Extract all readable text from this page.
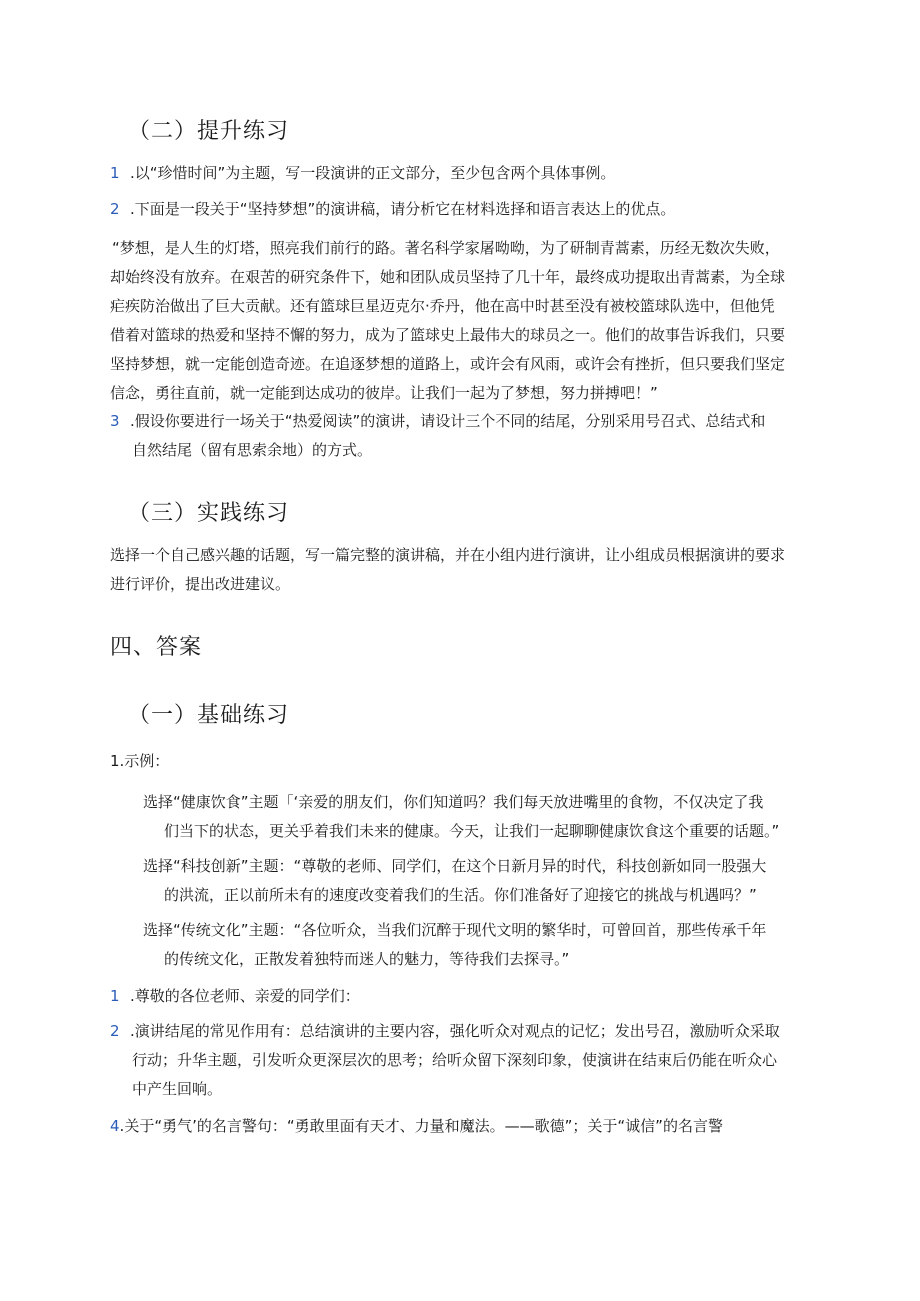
（二）提升练习
1 .以“珍惜时间”为主题，写一段演讲的正文部分，至少包含两个具体事例。
2 .下面是一段关于“坚持梦想”的演讲稿，请分析它在材料选择和语言表达上的优点。
“梦想，是人生的灯塔，照亮我们前行的路。著名科学家屠呦呦，为了研制青蒿素，历经无数次失败，
却始终没有放弃。在艰苦的研究条件下，她和团队成员坚持了几十年，最终成功提取出青蒿素，为全球
疟疾防治做出了巨大贡献。还有篮球巨星迈克尔·乔丹，他在高中时甚至没有被校篮球队选中，但他凭
借着对篮球的热爱和坚持不懈的努力，成为了篮球史上最伟大的球员之一。他们的故事告诉我们，只要
坚持梦想，就一定能创造奇迹。在追逐梦想的道路上，或许会有风雨，或许会有挫折，但只要我们坚定
信念，勇往直前，就一定能到达成功的彼岸。让我们一起为了梦想，努力拼搏吧！”
3 .假设你要进行一场关于“热爱阅读”的演讲，请设计三个不同的结尾，分别采用号召式、总结式和
自然结尾（留有思索余地）的方式。
（三）实践练习
选择一个自己感兴趣的话题，写一篇完整的演讲稿，并在小组内进行演讲，让小组成员根据演讲的要求
进行评价，提出改进建议。
四、答案
（一）基础练习
1.示例：
选择“健康饮食”主题「‘亲爱的朋友们，你们知道吗？我们每天放进嘴里的食物，不仅决定了我
们当下的状态，更关乎着我们未来的健康。今天，让我们一起聊聊健康饮食这个重要的话题。”
选择“科技创新”主题：“尊敬的老师、同学们，在这个日新月异的时代，科技创新如同一股强大
的洪流，正以前所未有的速度改变着我们的生活。你们准备好了迎接它的挑战与机遇吗？”
选择“传统文化”主题：“各位听众，当我们沉醉于现代文明的繁华时，可曾回首，那些传承千年
的传统文化，正散发着独特而迷人的魅力，等待我们去探寻。”
1 .尊敬的各位老师、亲爱的同学们：
2 .演讲结尾的常见作用有：总结演讲的主要内容，强化听众对观点的记忆；发出号召，激励听众采取
行动；升华主题，引发听众更深层次的思考；给听众留下深刻印象，使演讲在结束后仍能在听众心
中产生回响。
4.关于“勇气’的名言警句：“勇敢里面有天才、力量和魔法。——歌德”；关于“诚信”的名言警
